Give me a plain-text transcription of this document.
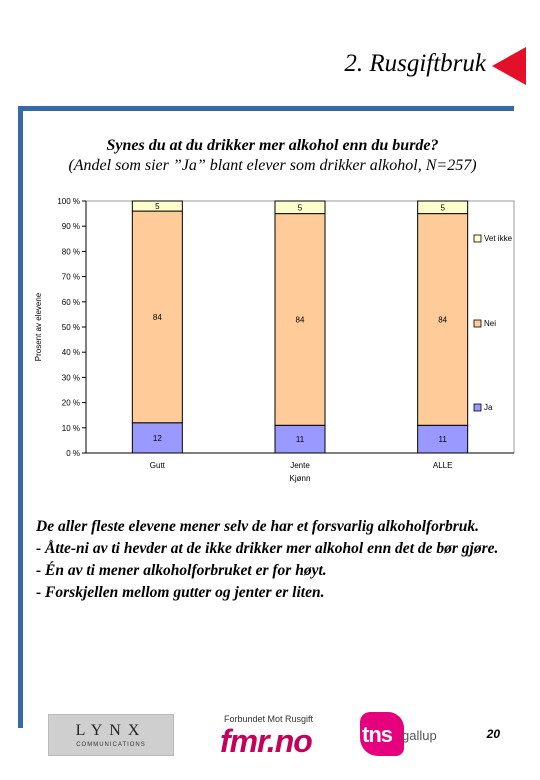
2. Rusgiftbruk
Synes du at du drikker mer alkohol enn du burde?
(Andel som sier ”Ja” blant elever som drikker alkohol, N=257)
0 %
10 %
20 %
30 %
40 %
50 %
60 %
70 %
80 %
90 %
100 %
Prosent av elevene
12
84
5
Gutt
11
84
5
Jente
11
84
5
ALLE
Kjønn
Ja
Nei
Vet ikke
De aller fleste elevene mener selv de har et forsvarlig alkoholforbruk.
- Åtte-ni av ti hevder at de ikke drikker mer alkohol enn det de bør gjøre.
- Én av ti mener alkoholforbruket er for høyt.
- Forskjellen mellom gutter og jenter er liten.
LYNX
COMMUNICATIONS
Forbundet Mot Rusgift
fmr.no tns gallup	20
